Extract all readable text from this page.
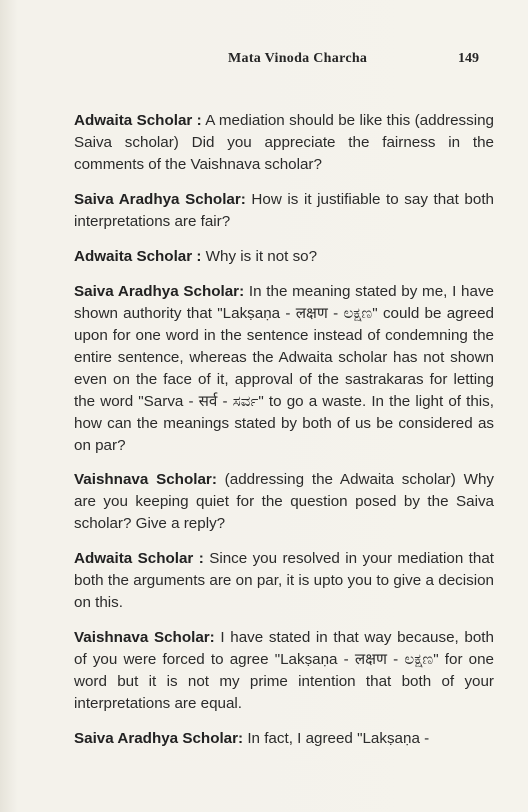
Mata Vinoda Charcha	149

Adwaita Scholar : A mediation should be like this (addressing Saiva scholar) Did you appreciate the fairness in the comments of the Vaishnava scholar?

Saiva Aradhya Scholar: How is it justifiable to say that both interpretations are fair?

Adwaita Scholar : Why is it not so?

Saiva Aradhya Scholar: In the meaning stated by me, I have shown authority that "Lakṣaṇa - लक्षण - ಲಕ್ಷಣ" could be agreed upon for one word in the sentence instead of condemning the entire sentence, whereas the Adwaita scholar has not shown even on the face of it, approval of the sastrakaras for letting the word "Sarva - सर्व - ಸರ್ವ" to go a waste. In the light of this, how can the meanings stated by both of us be considered as on par?

Vaishnava Scholar: (addressing the Adwaita scholar) Why are you keeping quiet for the question posed by the Saiva scholar? Give a reply?

Adwaita Scholar : Since you resolved in your mediation that both the arguments are on par, it is upto you to give a decision on this.

Vaishnava Scholar: I have stated in that way because, both of you were forced to agree "Lakṣaṇa - लक्षण - ಲಕ್ಷಣ" for one word but it is not my prime intention that both of your interpretations are equal.

Saiva Aradhya Scholar: In fact, I agreed "Lakṣaṇa -
